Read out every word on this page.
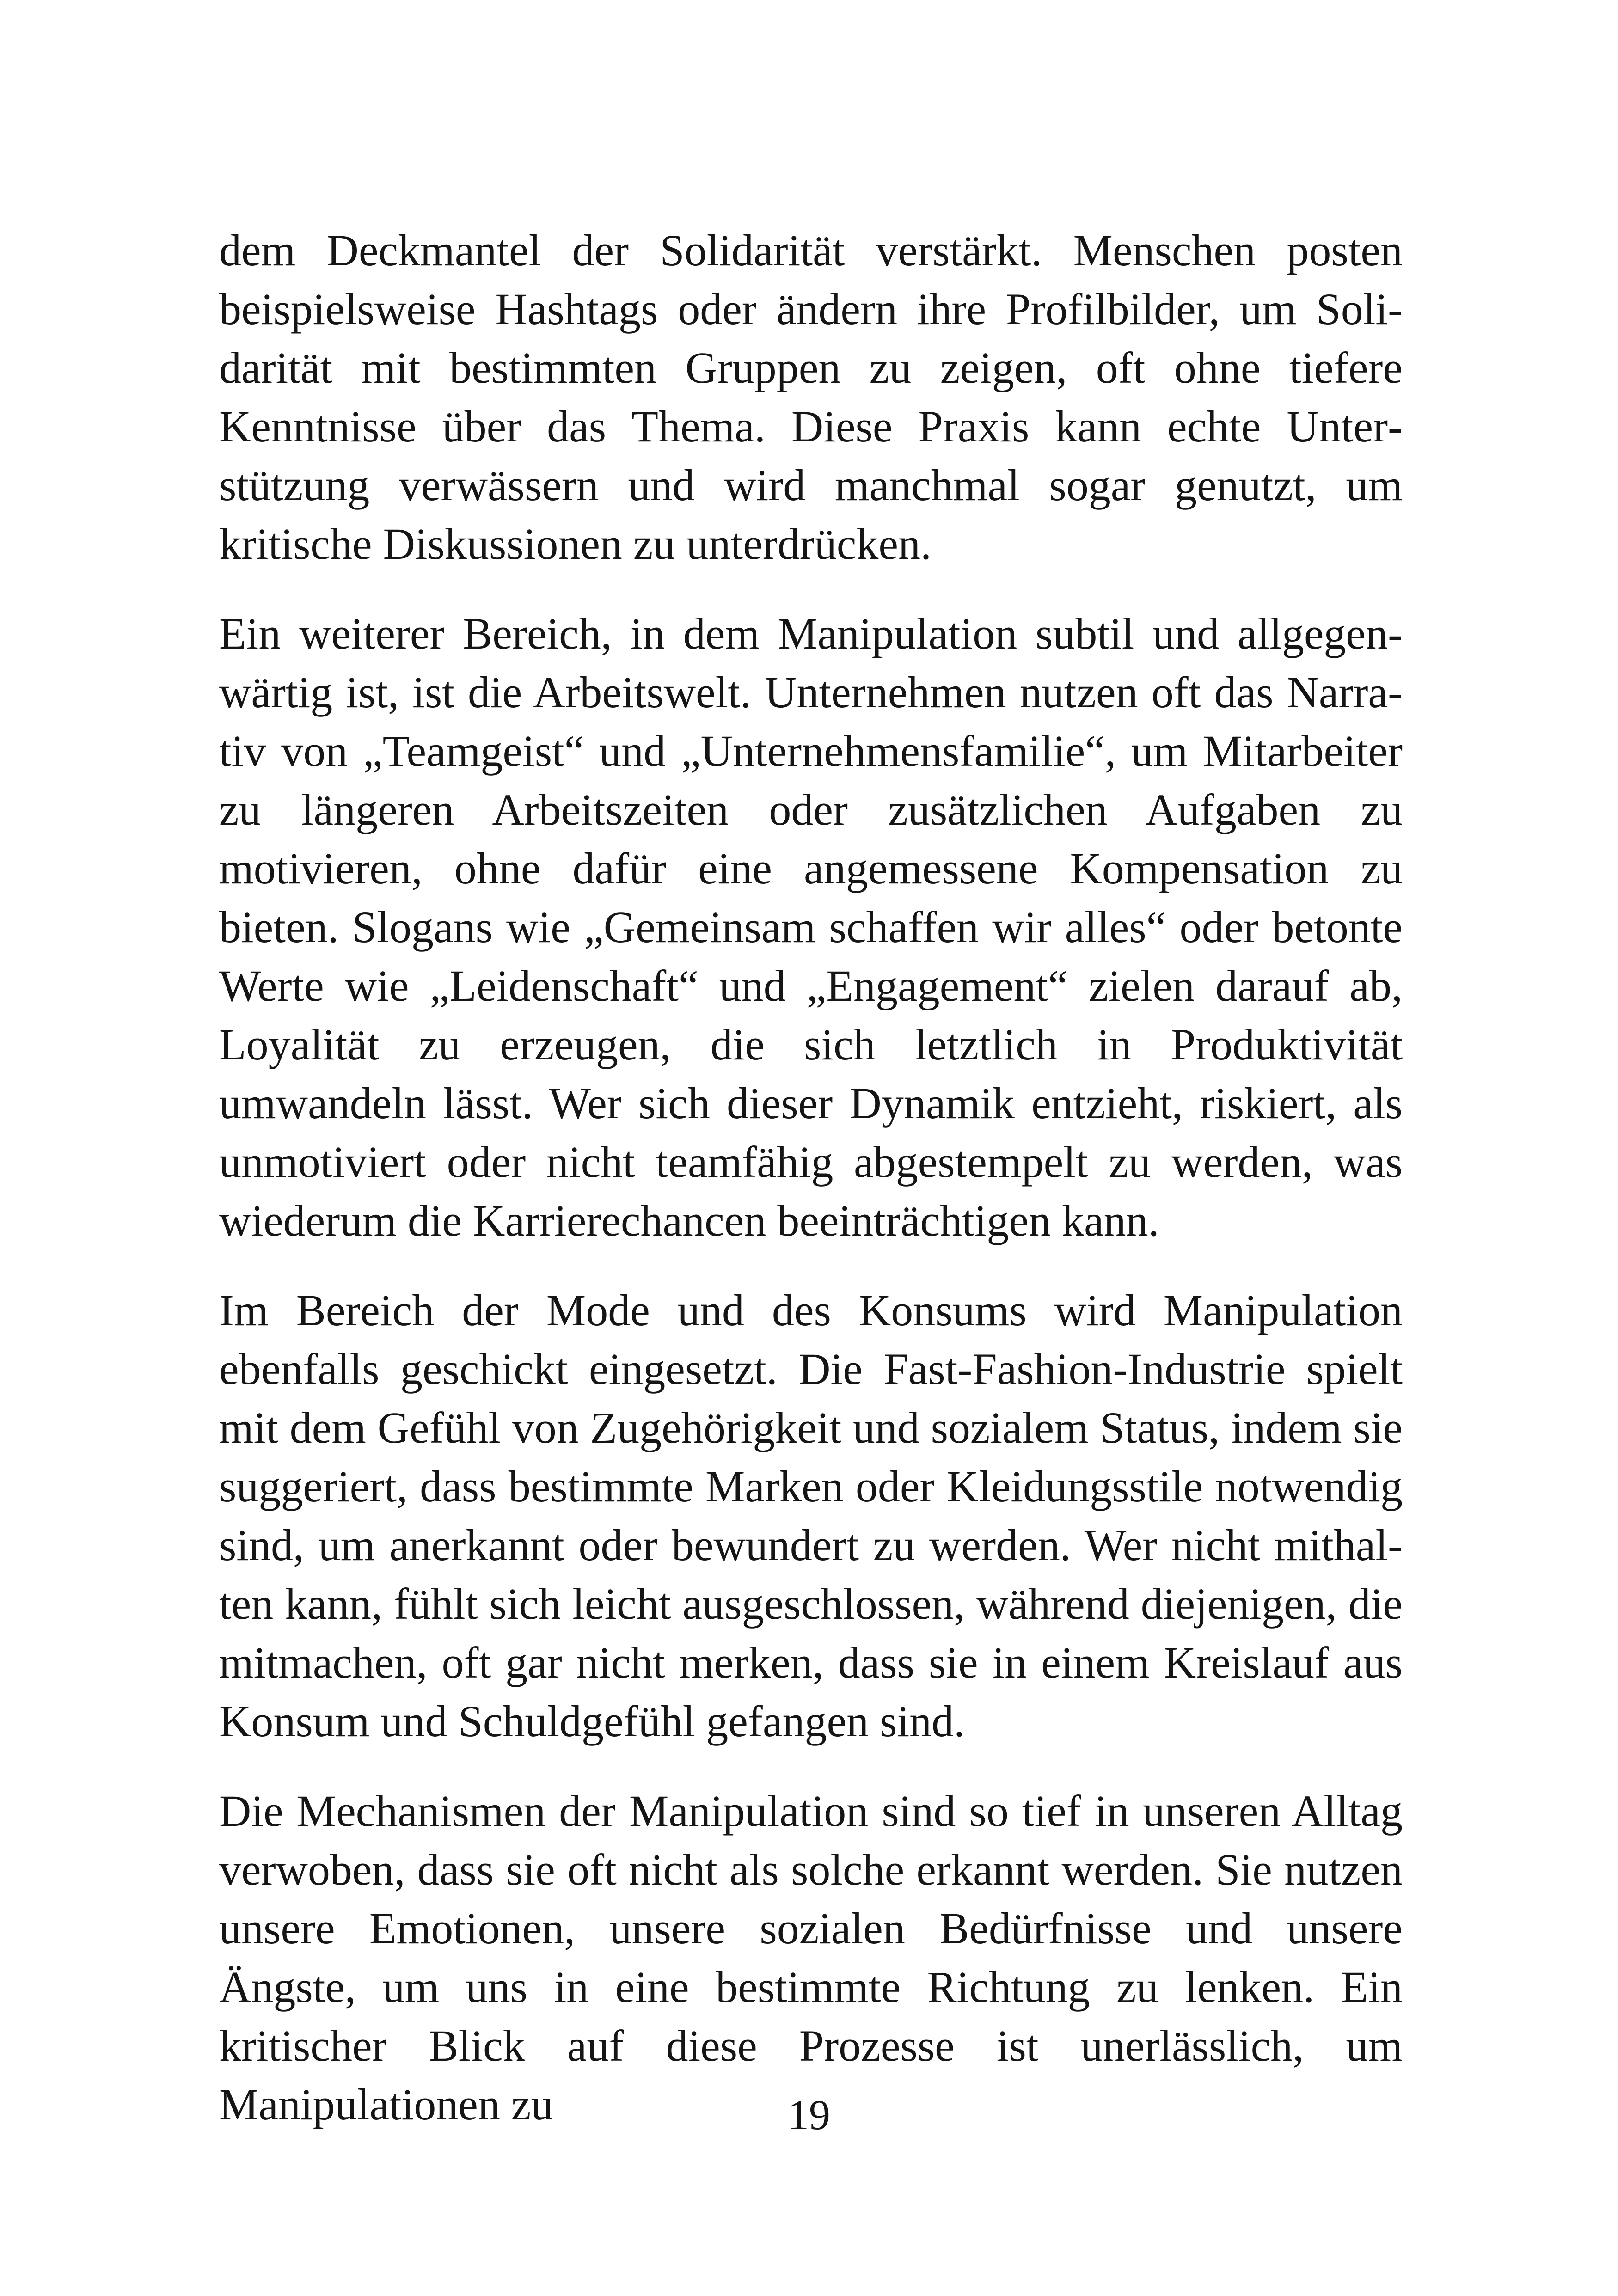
dem Deckmantel der Solidarität verstärkt. Menschen posten beispielsweise Hashtags oder ändern ihre Profilbilder, um Solidarität mit bestimmten Gruppen zu zeigen, oft ohne tiefere Kenntnisse über das Thema. Diese Praxis kann echte Unterstützung verwässern und wird manchmal sogar genutzt, um kritische Diskussionen zu unterdrücken.

Ein weiterer Bereich, in dem Manipulation subtil und allgegenwärtig ist, ist die Arbeitswelt. Unternehmen nutzen oft das Narrativ von „Teamgeist“ und „Unternehmensfamilie“, um Mitarbeiter zu längeren Arbeitszeiten oder zusätzlichen Aufgaben zu motivieren, ohne dafür eine angemessene Kompensation zu bieten. Slogans wie „Gemeinsam schaffen wir alles“ oder betonte Werte wie „Leidenschaft“ und „Engagement“ zielen darauf ab, Loyalität zu erzeugen, die sich letztlich in Produktivität umwandeln lässt. Wer sich dieser Dynamik entzieht, riskiert, als unmotiviert oder nicht teamfähig abgestempelt zu werden, was wiederum die Karrierechancen beeinträchtigen kann.

Im Bereich der Mode und des Konsums wird Manipulation ebenfalls geschickt eingesetzt. Die Fast-Fashion-Industrie spielt mit dem Gefühl von Zugehörigkeit und sozialem Status, indem sie suggeriert, dass bestimmte Marken oder Kleidungsstile notwendig sind, um anerkannt oder bewundert zu werden. Wer nicht mithalten kann, fühlt sich leicht ausgeschlossen, während diejenigen, die mitmachen, oft gar nicht merken, dass sie in einem Kreislauf aus Konsum und Schuldgefühl gefangen sind.

Die Mechanismen der Manipulation sind so tief in unseren Alltag verwoben, dass sie oft nicht als solche erkannt werden. Sie nutzen unsere Emotionen, unsere sozialen Bedürfnisse und unsere Ängste, um uns in eine bestimmte Richtung zu lenken. Ein kritischer Blick auf diese Prozesse ist unerlässlich, um Manipulationen zu	19
